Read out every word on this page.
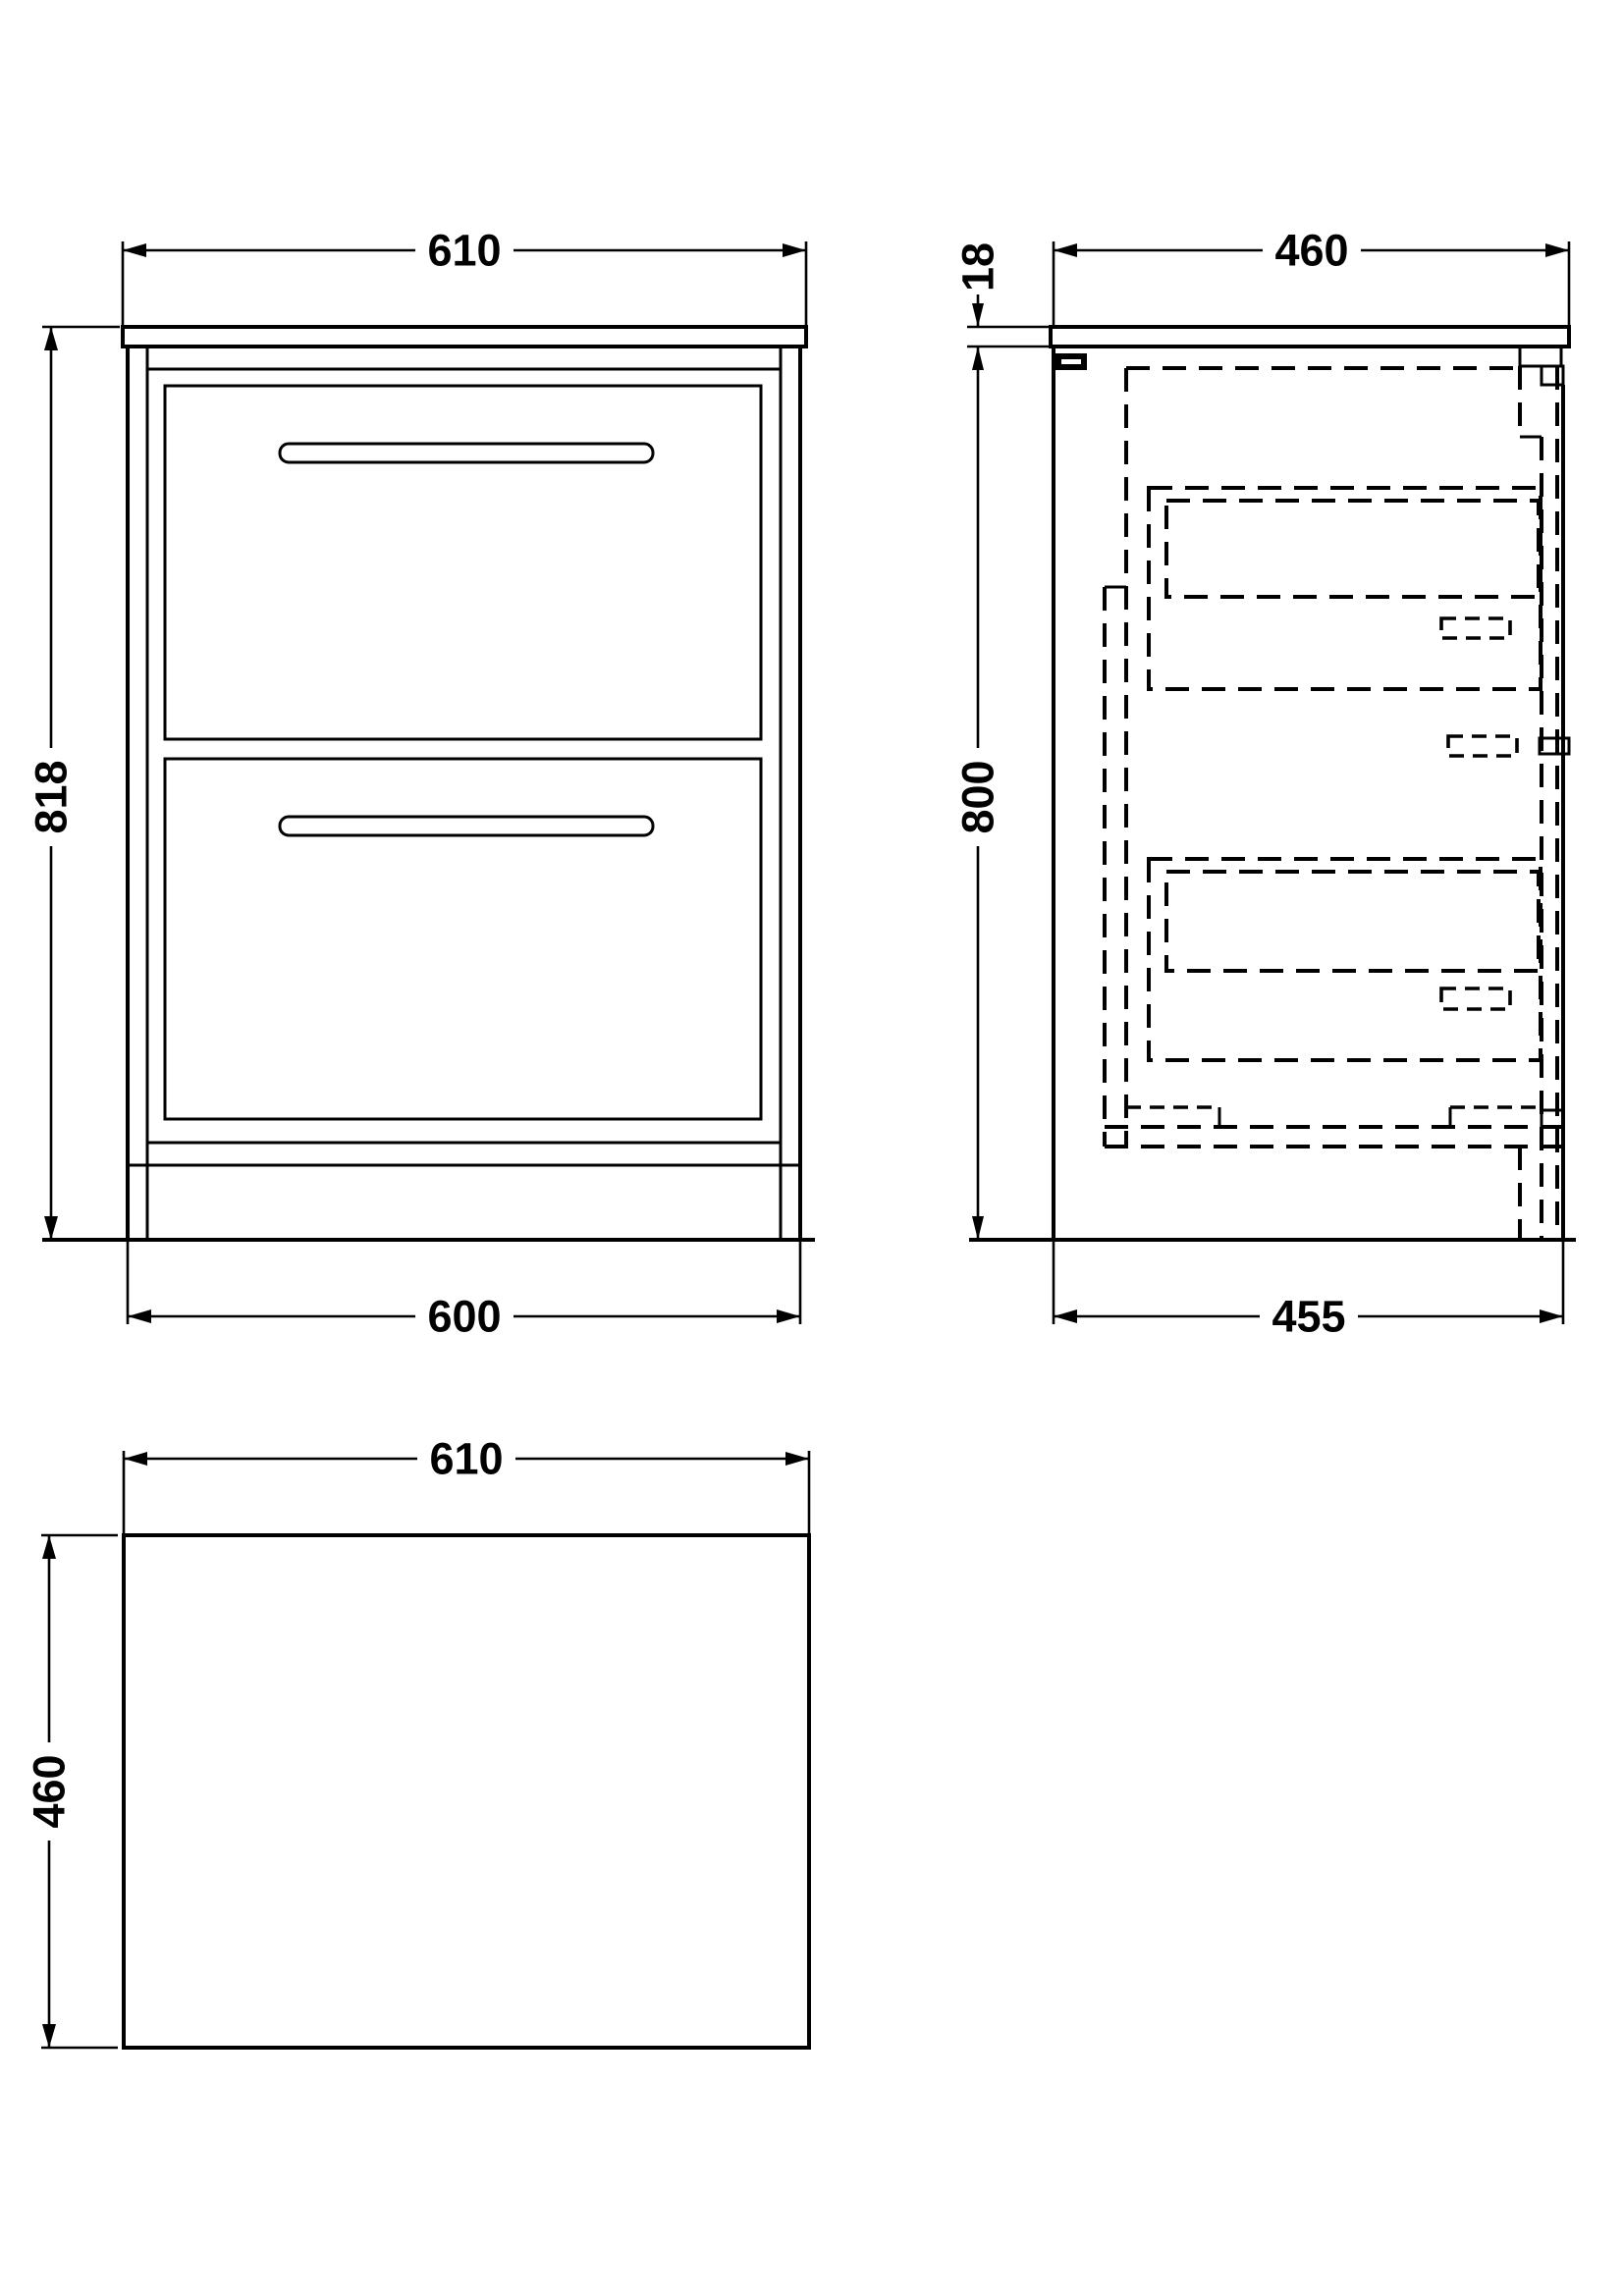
610
818
600
460
18
800
455
610
460
